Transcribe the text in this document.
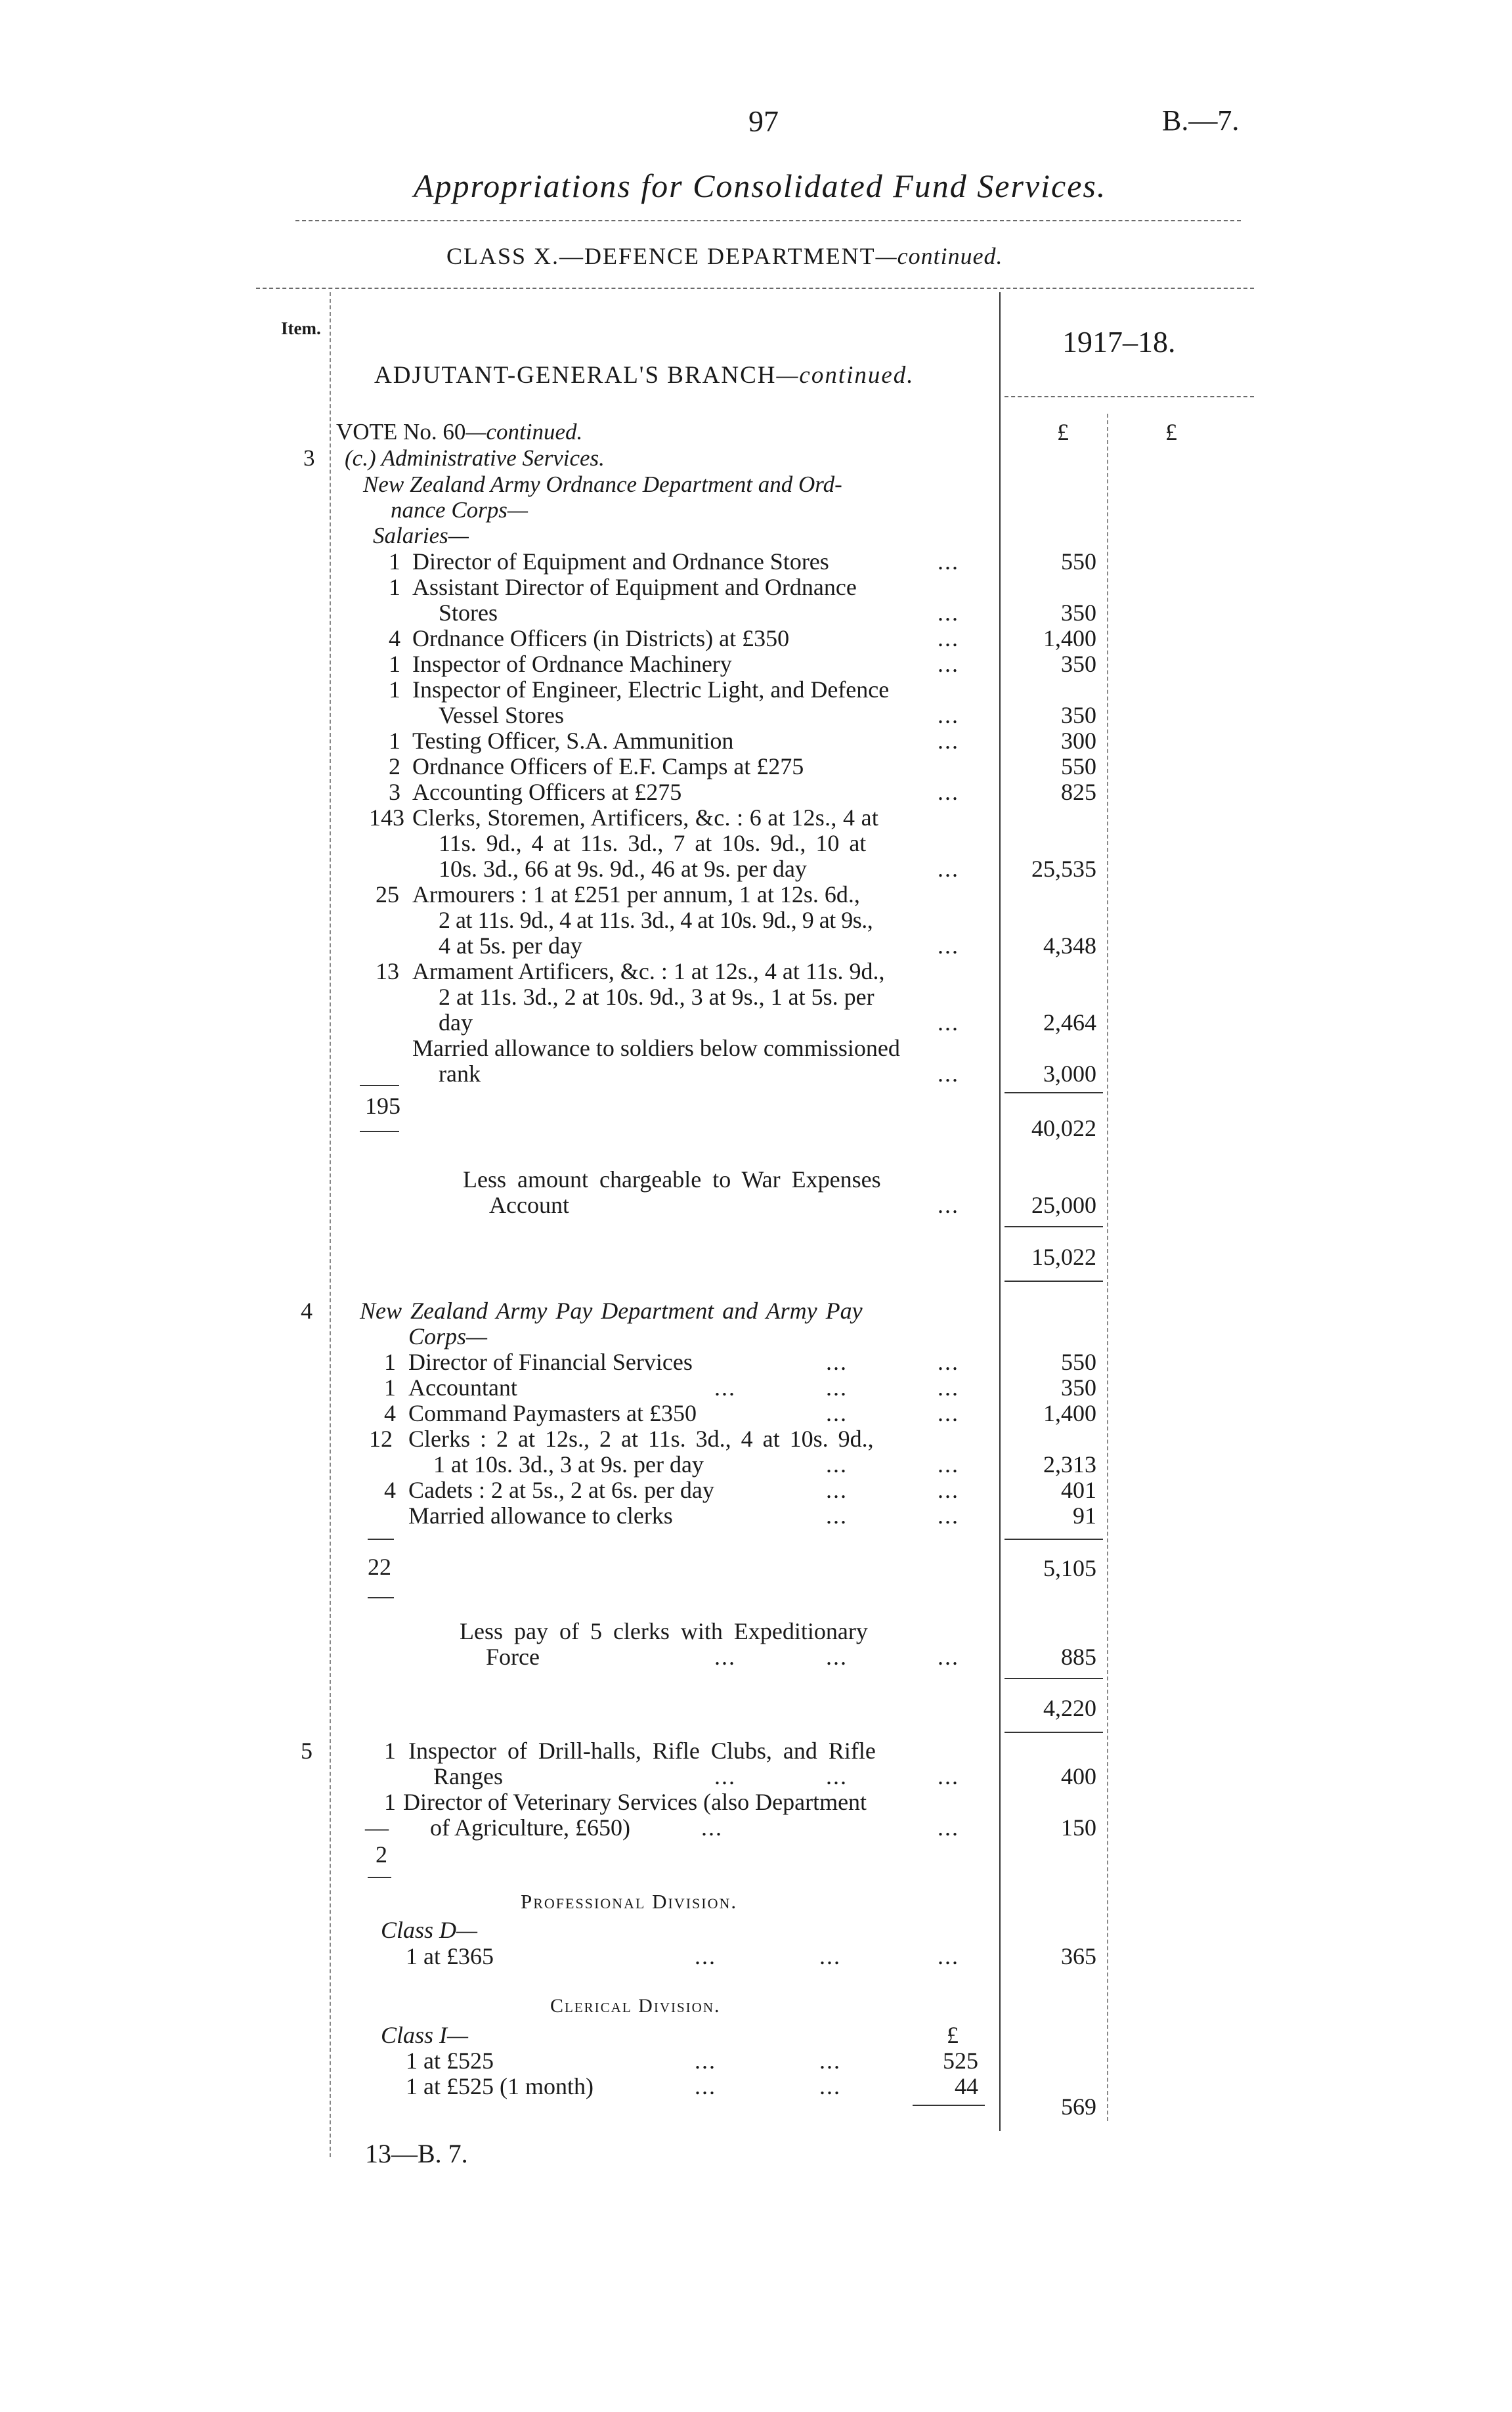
97	B.—7.
Appropriations for Consolidated Fund Services.
CLASS X.—DEFENCE DEPARTMENT—continued.
Item.	1917–18.
ADJUTANT-GENERAL'S BRANCH—continued.
VOTE No. 60—continued.	£	£
3 (c.) Administrative Services.
New Zealand Army Ordnance Department and Ord-
nance Corps—
Salaries—
1 Director of Equipment and Ordnance Stores	...	550
1 Assistant Director of Equipment and Ordnance
Stores	...	350
4 Ordnance Officers (in Districts) at £350	...	1,400
1 Inspector of Ordnance Machinery	...	350
1 Inspector of Engineer, Electric Light, and Defence
Vessel Stores	...	350
1 Testing Officer, S.A. Ammunition	...	300
2 Ordnance Officers of E.F. Camps at £275	550
3 Accounting Officers at £275	...	825
143 Clerks, Storemen, Artificers, &c. : 6 at 12s., 4 at
11s. 9d., 4 at 11s. 3d., 7 at 10s. 9d., 10 at
10s. 3d., 66 at 9s. 9d., 46 at 9s. per day	...	25,535
25 Armourers : 1 at £251 per annum, 1 at 12s. 6d.,
2 at 11s. 9d., 4 at 11s. 3d., 4 at 10s. 9d., 9 at 9s.,
4 at 5s. per day	...	4,348
13 Armament Artificers, &c. : 1 at 12s., 4 at 11s. 9d.,
2 at 11s. 3d., 2 at 10s. 9d., 3 at 9s., 1 at 5s. per
day	...	2,464
Married allowance to soldiers below commissioned
rank	...	3,000
195
40,022
Less amount chargeable to War Expenses
Account	...	25,000
15,022
4 New Zealand Army Pay Department and Army Pay
Corps—
1 Director of Financial Services	...	...	550
1 Accountant	...	...	...	350
4 Command Paymasters at £350	...	...	1,400
12 Clerks : 2 at 12s., 2 at 11s. 3d., 4 at 10s. 9d.,
1 at 10s. 3d., 3 at 9s. per day	...	...	2,313
4 Cadets : 2 at 5s., 2 at 6s. per day	...	...	401
Married allowance to clerks	...	...	91
22	5,105
Less pay of 5 clerks with Expeditionary
Force	...	...	...	885
4,220
5	1 Inspector of Drill-halls, Rifle Clubs, and Rifle
Ranges	...	...	...	400
1 Director of Veterinary Services (also Department
— of Agriculture, £650)	...	...	150
2
Professional Division.
Class D—
1 at £365	...	...	...	365
Clerical Division.
Class I—	£
1 at £525	...	...	525
1 at £525 (1 month)	...	...	44
569
13—B. 7.
